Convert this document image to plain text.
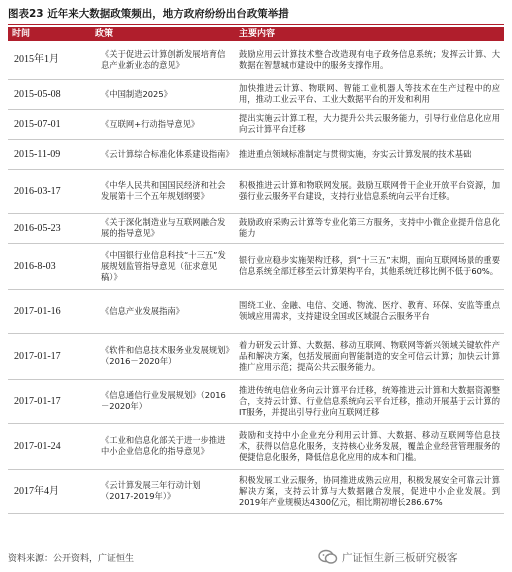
图表23 近年来大数据政策频出，地方政府纷纷出台政策举措
时间	政策	主要内容
2015年1月	《关于促进云计算创新发展培育信息产业新业态的意见》	鼓励应用云计算技术整合改造现有电子政务信息系统；发挥云计算、大数据在智慧城市建设中的服务支撑作用。
2015-05-08	《中国制造2025》	加快推进云计算、物联网、智能工业机器人等技术在生产过程中的应用，推动工业云平台、工业大数据平台的开发和利用
2015-07-01	《互联网+行动指导意见》	提出实施云计算工程，大力提升公共云服务能力，引导行业信息化应用向云计算平台迁移
2015-11-09	《云计算综合标准化体系建设指南》	推进重点领域标准制定与贯彻实施，夯实云计算发展的技术基础
2016-03-17	《中华人民共和国国民经济和社会发展第十三个五年规划纲要》	积极推进云计算和物联网发展。鼓励互联网骨干企业开放平台资源，加强行业云服务平台建设，支持行业信息系统向云平台迁移。
2016-05-23	《关于深化制造业与互联网融合发展的指导意见》	鼓励政府采购云计算等专业化第三方服务，支持中小微企业提升信息化能力
2016-8-03	《中国银行业信息科技“十三五”发展规划监管指导意见（征求意见稿）》	银行业应稳步实施架构迁移，到“十三五”末期，面向互联网场景的重要信息系统全部迁移至云计算架构平台，其他系统迁移比例不低于60%。
2017-01-16	《信息产业发展指南》	围绕工业、金融、电信、交通、物流、医疗、教育、环保、安监等重点领域应用需求，支持建设全国或区域混合云服务平台
2017-01-17	《软件和信息技术服务业发展规划》（2016－2020年）	着力研发云计算、大数据、移动互联网、物联网等新兴领域关键软件产品和解决方案，包括发展面向智能制造的安全可信云计算；加快云计算推广应用示范；提高公共云服务能力。
2017-01-17	《信息通信行业发展规划》（2016－2020年）	推进传统电信业务向云计算平台迁移，统筹推进云计算和大数据资源整合，支持云计算、行业信息系统向云平台迁移，推动开展基于云计算的IT服务，并提出引导行业向互联网迁移
2017-01-24	《工业和信息化部关于进一步推进中小企业信息化的指导意见》	鼓励和支持中小企业充分利用云计算、大数据、移动互联网等信息技术，获得以信息化服务，支持核心业务发展，覆盖企业经营管理服务的便捷信息化服务，降低信息化应用的成本和门槛。
2017年4月	《云计算发展三年行动计划（2017-2019年）》	积极发展工业云服务，协同推进成熟云应用，积极发展安全可靠云计算解决方案，支持云计算与大数据融合发展，促进中小企业发展。到2019年产业规模达4300亿元，相比期初增长286.67%
资料来源：公开资料，广证恒生	广证恒生新三板研究极客
